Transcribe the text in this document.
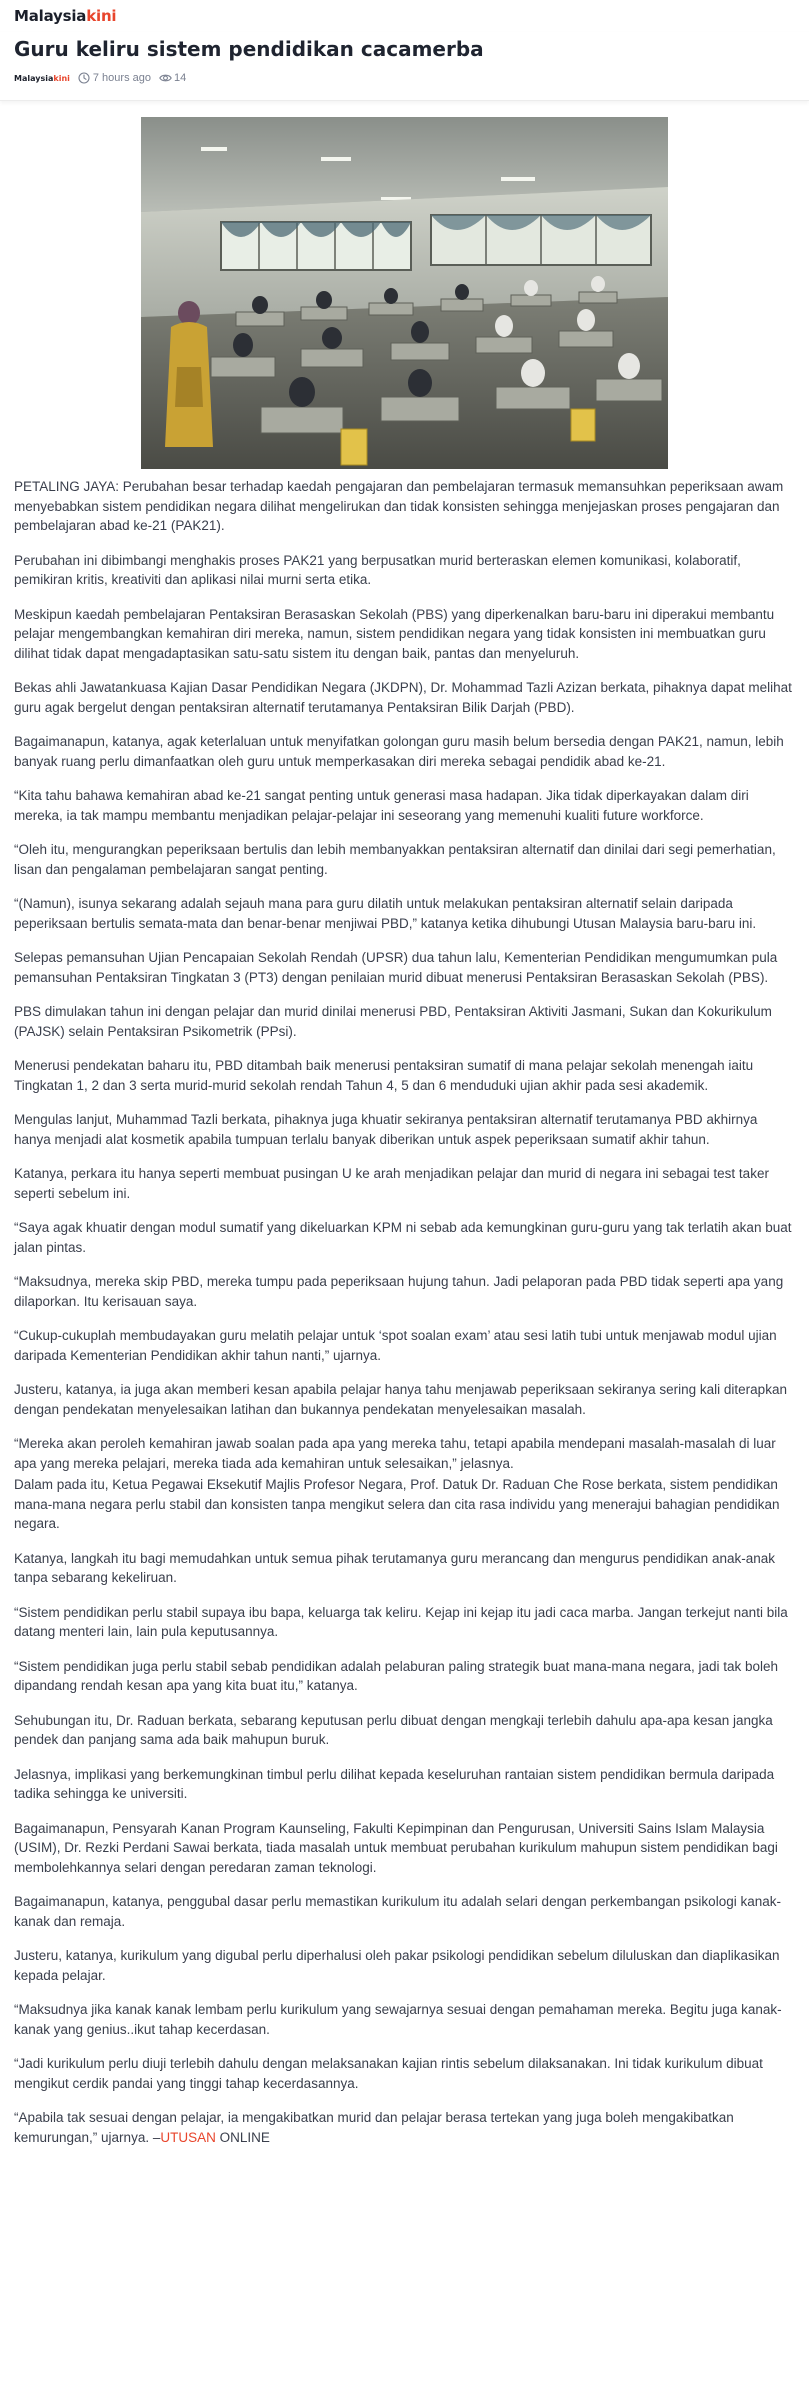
Malaysiakini
Guru keliru sistem pendidikan cacamerba
Malaysiakini 7 hours ago 14

PETALING JAYA: Perubahan besar terhadap kaedah pengajaran dan pembelajaran termasuk memansuhkan peperiksaan awam menyebabkan sistem pendidikan negara dilihat mengelirukan dan tidak konsisten sehingga menjejaskan proses pengajaran dan pembelajaran abad ke-21 (PAK21).

Perubahan ini dibimbangi menghakis proses PAK21 yang berpusatkan murid berteraskan elemen komunikasi, kolaboratif, pemikiran kritis, kreativiti dan aplikasi nilai murni serta etika.

Meskipun kaedah pembelajaran Pentaksiran Berasaskan Sekolah (PBS) yang diperkenalkan baru-baru ini diperakui membantu pelajar mengembangkan kemahiran diri mereka, namun, sistem pendidikan negara yang tidak konsisten ini membuatkan guru dilihat tidak dapat mengadaptasikan satu-satu sistem itu dengan baik, pantas dan menyeluruh.

Bekas ahli Jawatankuasa Kajian Dasar Pendidikan Negara (JKDPN), Dr. Mohammad Tazli Azizan berkata, pihaknya dapat melihat guru agak bergelut dengan pentaksiran alternatif terutamanya Pentaksiran Bilik Darjah (PBD).

Bagaimanapun, katanya, agak keterlaluan untuk menyifatkan golongan guru masih belum bersedia dengan PAK21, namun, lebih banyak ruang perlu dimanfaatkan oleh guru untuk memperkasakan diri mereka sebagai pendidik abad ke-21.

“Kita tahu bahawa kemahiran abad ke-21 sangat penting untuk generasi masa hadapan. Jika tidak diperkayakan dalam diri mereka, ia tak mampu membantu menjadikan pelajar-pelajar ini seseorang yang memenuhi kualiti future workforce.

“Oleh itu, mengurangkan peperiksaan bertulis dan lebih membanyakkan pentaksiran alternatif dan dinilai dari segi pemerhatian, lisan dan pengalaman pembelajaran sangat penting.

“(Namun), isunya sekarang adalah sejauh mana para guru dilatih untuk melakukan pentaksiran alternatif selain daripada peperiksaan bertulis semata-mata dan benar-benar menjiwai PBD,” katanya ketika dihubungi Utusan Malaysia baru-baru ini.

Selepas pemansuhan Ujian Pencapaian Sekolah Rendah (UPSR) dua tahun lalu, Kementerian Pendidikan mengumumkan pula pemansuhan Pentaksiran Tingkatan 3 (PT3) dengan penilaian murid dibuat menerusi Pentaksiran Berasaskan Sekolah (PBS).

PBS dimulakan tahun ini dengan pelajar dan murid dinilai menerusi PBD, Pentaksiran Aktiviti Jasmani, Sukan dan Kokurikulum (PAJSK) selain Pentaksiran Psikometrik (PPsi).

Menerusi pendekatan baharu itu, PBD ditambah baik menerusi pentaksiran sumatif di mana pelajar sekolah menengah iaitu Tingkatan 1, 2 dan 3 serta murid-murid sekolah rendah Tahun 4, 5 dan 6 menduduki ujian akhir pada sesi akademik.

Mengulas lanjut, Muhammad Tazli berkata, pihaknya juga khuatir sekiranya pentaksiran alternatif terutamanya PBD akhirnya hanya menjadi alat kosmetik apabila tumpuan terlalu banyak diberikan untuk aspek peperiksaan sumatif akhir tahun.

Katanya, perkara itu hanya seperti membuat pusingan U ke arah menjadikan pelajar dan murid di negara ini sebagai test taker seperti sebelum ini.

“Saya agak khuatir dengan modul sumatif yang dikeluarkan KPM ni sebab ada kemungkinan guru-guru yang tak terlatih akan buat jalan pintas.

“Maksudnya, mereka skip PBD, mereka tumpu pada peperiksaan hujung tahun. Jadi pelaporan pada PBD tidak seperti apa yang dilaporkan. Itu kerisauan saya.

“Cukup-cukuplah membudayakan guru melatih pelajar untuk ‘spot soalan exam’ atau sesi latih tubi untuk menjawab modul ujian daripada Kementerian Pendidikan akhir tahun nanti,” ujarnya.

Justeru, katanya, ia juga akan memberi kesan apabila pelajar hanya tahu menjawab peperiksaan sekiranya sering kali diterapkan dengan pendekatan menyelesaikan latihan dan bukannya pendekatan menyelesaikan masalah.

“Mereka akan peroleh kemahiran jawab soalan pada apa yang mereka tahu, tetapi apabila mendepani masalah-masalah di luar apa yang mereka pelajari, mereka tiada ada kemahiran untuk selesaikan,” jelasnya.

Dalam pada itu, Ketua Pegawai Eksekutif Majlis Profesor Negara, Prof. Datuk Dr. Raduan Che Rose berkata, sistem pendidikan mana-mana negara perlu stabil dan konsisten tanpa mengikut selera dan cita rasa individu yang menerajui bahagian pendidikan negara.

Katanya, langkah itu bagi memudahkan untuk semua pihak terutamanya guru merancang dan mengurus pendidikan anak-anak tanpa sebarang kekeliruan.

“Sistem pendidikan perlu stabil supaya ibu bapa, keluarga tak keliru. Kejap ini kejap itu jadi caca marba. Jangan terkejut nanti bila datang menteri lain, lain pula keputusannya.

“Sistem pendidikan juga perlu stabil sebab pendidikan adalah pelaburan paling strategik buat mana-mana negara, jadi tak boleh dipandang rendah kesan apa yang kita buat itu,” katanya.

Sehubungan itu, Dr. Raduan berkata, sebarang keputusan perlu dibuat dengan mengkaji terlebih dahulu apa-apa kesan jangka pendek dan panjang sama ada baik mahupun buruk.

Jelasnya, implikasi yang berkemungkinan timbul perlu dilihat kepada keseluruhan rantaian sistem pendidikan bermula daripada tadika sehingga ke universiti.

Bagaimanapun, Pensyarah Kanan Program Kaunseling, Fakulti Kepimpinan dan Pengurusan, Universiti Sains Islam Malaysia (USIM), Dr. Rezki Perdani Sawai berkata, tiada masalah untuk membuat perubahan kurikulum mahupun sistem pendidikan bagi membolehkannya selari dengan peredaran zaman teknologi.

Bagaimanapun, katanya, penggubal dasar perlu memastikan kurikulum itu adalah selari dengan perkembangan psikologi kanak-kanak dan remaja.

Justeru, katanya, kurikulum yang digubal perlu diperhalusi oleh pakar psikologi pendidikan sebelum diluluskan dan diaplikasikan kepada pelajar.

“Maksudnya jika kanak kanak lembam perlu kurikulum yang sewajarnya sesuai dengan pemahaman mereka. Begitu juga kanak-kanak yang genius..ikut tahap kecerdasan.

“Jadi kurikulum perlu diuji terlebih dahulu dengan melaksanakan kajian rintis sebelum dilaksanakan. Ini tidak kurikulum dibuat mengikut cerdik pandai yang tinggi tahap kecerdasannya.

“Apabila tak sesuai dengan pelajar, ia mengakibatkan murid dan pelajar berasa tertekan yang juga boleh mengakibatkan kemurungan,” ujarnya. –UTUSAN ONLINE
